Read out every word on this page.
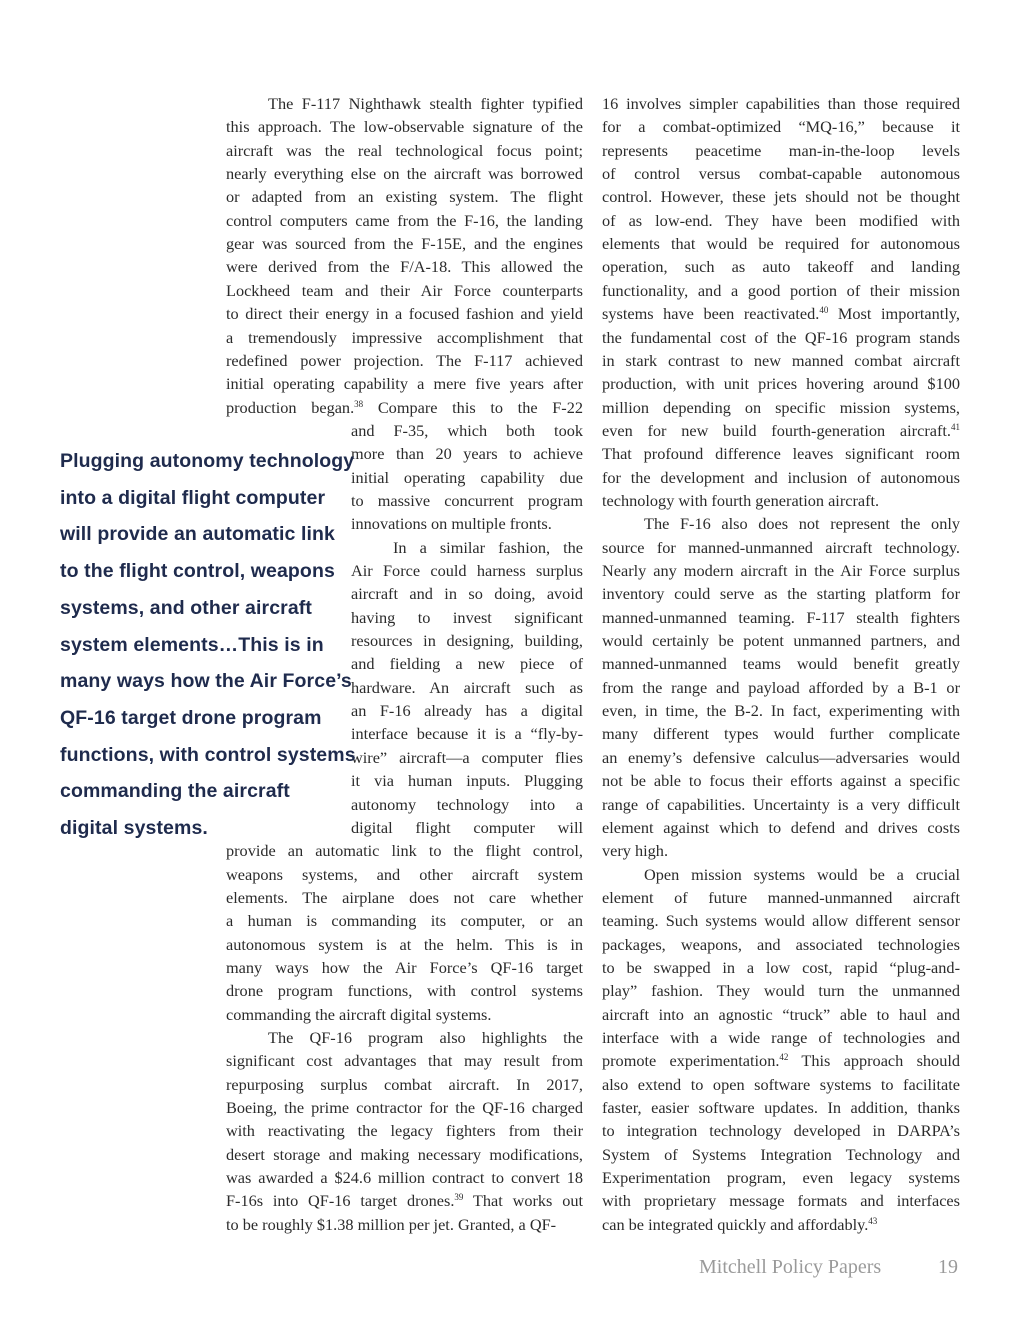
The F-117 Nighthawk stealth fighter typified
this approach. The low-observable signature of the
aircraft was the real technological focus point;
nearly everything else on the aircraft was borrowed
or adapted from an existing system. The flight
control computers came from the F-16, the landing
gear was sourced from the F-15E, and the engines
were derived from the F/A-18. This allowed the
Lockheed team and their Air Force counterparts
to direct their energy in a focused fashion and yield
a tremendously impressive accomplishment that
redefined power projection. The F-117 achieved
initial operating capability a mere five years after
production began.$^{38}$ Compare this to the F-22
and F-35, which both took
more than 20 years to achieve
initial operating capability due
to massive concurrent program
innovations on multiple fronts.
In a similar fashion, the
Air Force could harness surplus
aircraft and in so doing, avoid
having to invest significant
resources in designing, building,
and fielding a new piece of
hardware. An aircraft such as
an F-16 already has a digital
interface because it is a “fly-by-
wire” aircraft—a computer flies
it via human inputs. Plugging
autonomy technology into a
digital flight computer will
provide an automatic link to the flight control,
weapons systems, and other aircraft system
elements. The airplane does not care whether
a human is commanding its computer, or an
autonomous system is at the helm. This is in
many ways how the Air Force’s QF-16 target
drone program functions, with control systems
commanding the aircraft digital systems.
The QF-16 program also highlights the
significant cost advantages that may result from
repurposing surplus combat aircraft. In 2017,
Boeing, the prime contractor for the QF-16 charged
with reactivating the legacy fighters from their
desert storage and making necessary modifications,
was awarded a $24.6 million contract to convert 18
F-16s into QF-16 target drones.$^{39}$ That works out
to be roughly $1.38 million per jet. Granted, a QF-
16 involves simpler capabilities than those required
for a combat-optimized “MQ-16,” because it
represents peacetime man-in-the-loop levels
of control versus combat-capable autonomous
control. However, these jets should not be thought
of as low-end. They have been modified with
elements that would be required for autonomous
operation, such as auto takeoff and landing
functionality, and a good portion of their mission
systems have been reactivated.$^{40}$ Most importantly,
the fundamental cost of the QF-16 program stands
in stark contrast to new manned combat aircraft
production, with unit prices hovering around $100
million depending on specific mission systems,
even for new build fourth-generation aircraft.$^{41}$
That profound difference leaves significant room
for the development and inclusion of autonomous
technology with fourth generation aircraft.
The F-16 also does not represent the only
source for manned-unmanned aircraft technology.
Nearly any modern aircraft in the Air Force surplus
inventory could serve as the starting platform for
manned-unmanned teaming. F-117 stealth fighters
would certainly be potent unmanned partners, and
manned-unmanned teams would benefit greatly
from the range and payload afforded by a B-1 or
even, in time, the B-2. In fact, experimenting with
many different types would further complicate
an enemy’s defensive calculus—adversaries would
not be able to focus their efforts against a specific
range of capabilities. Uncertainty is a very difficult
element against which to defend and drives costs
very high.
Open mission systems would be a crucial
element of future manned-unmanned aircraft
teaming. Such systems would allow different sensor
packages, weapons, and associated technologies
to be swapped in a low cost, rapid “plug-and-
play” fashion. They would turn the unmanned
aircraft into an agnostic “truck” able to haul and
interface with a wide range of technologies and
promote experimentation.$^{42}$ This approach should
also extend to open software systems to facilitate
faster, easier software updates. In addition, thanks
to integration technology developed in DARPA’s
System of Systems Integration Technology and
Experimentation program, even legacy systems
with proprietary message formats and interfaces
can be integrated quickly and affordably.$^{43}$
Plugging autonomy technology
into a digital flight computer
will provide an automatic link
to the flight control, weapons
systems, and other aircraft
system elements…This is in
many ways how the Air Force’s
QF-16 target drone program
functions, with control systems
commanding the aircraft
digital systems.
Mitchell Policy Papers	19
